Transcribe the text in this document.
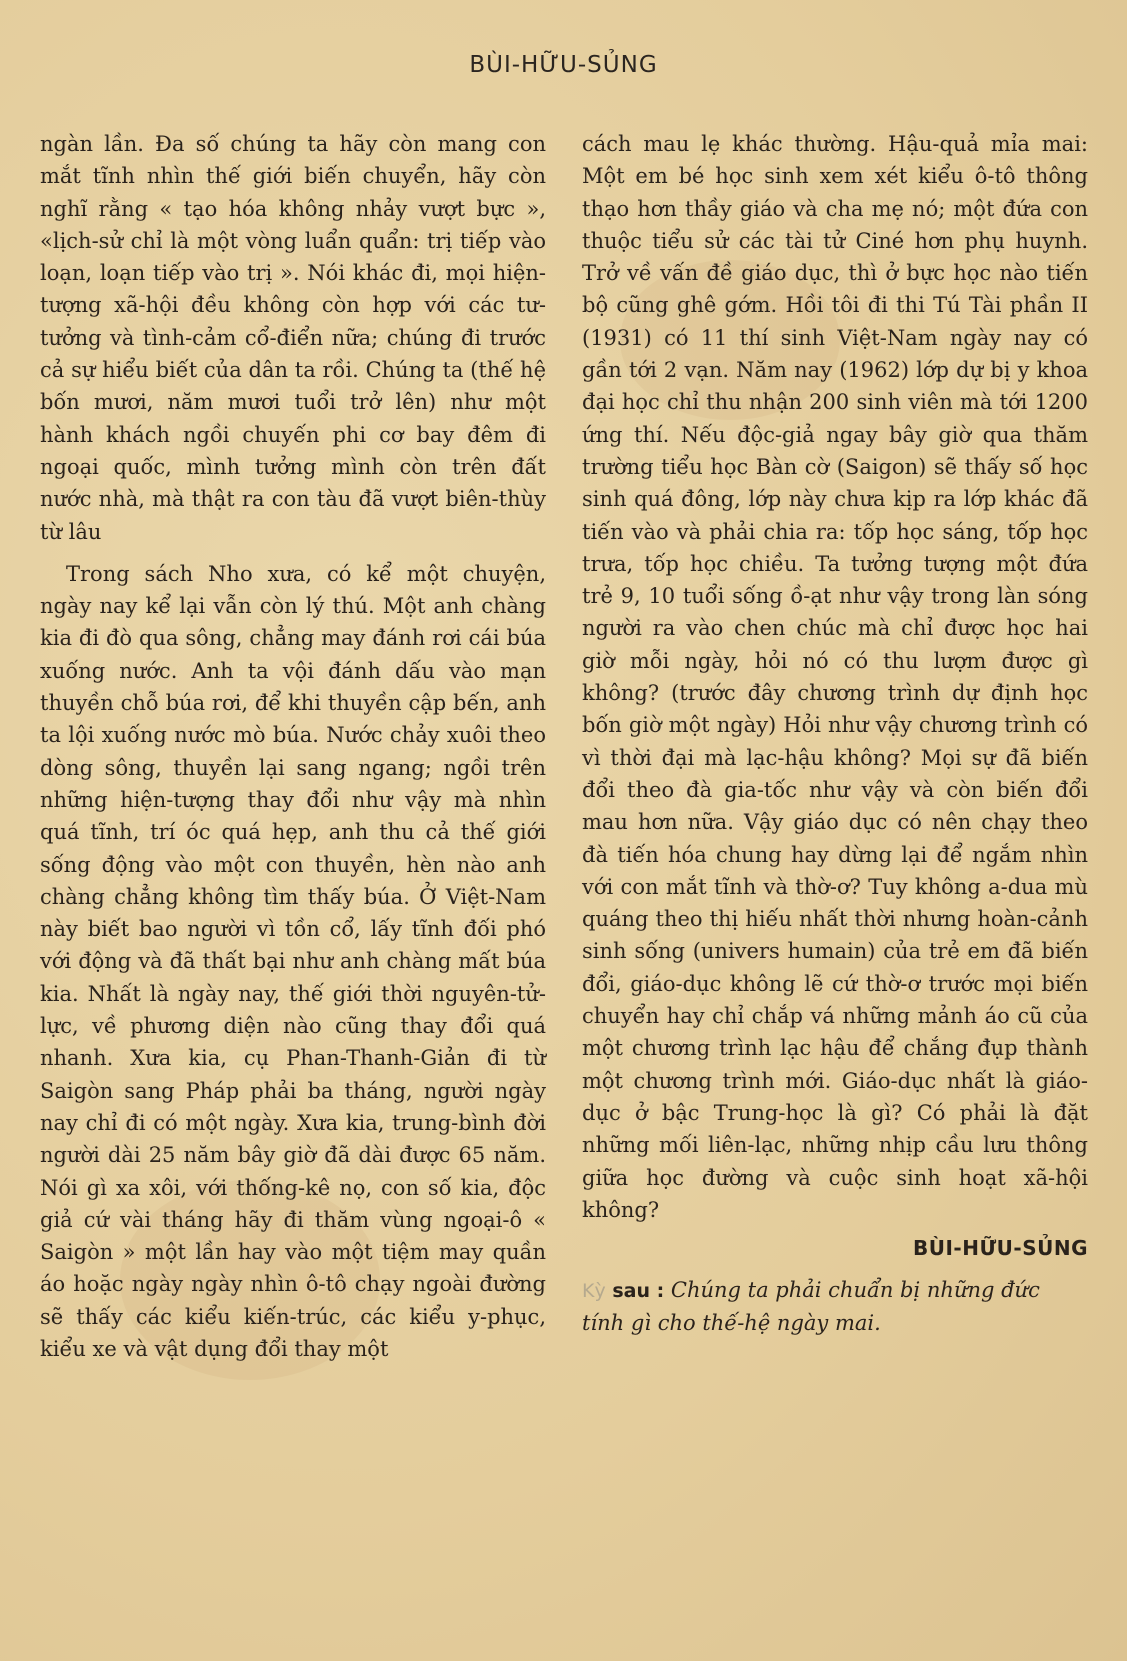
BÙI-HỮU-SỦNG

ngàn lần. Đa số chúng ta hãy còn mang con mắt tĩnh nhìn thế giới biến chuyển, hãy còn nghĩ rằng « tạo hóa không nhảy vượt bực », «lịch-sử chỉ là một vòng luẩn quẩn: trị tiếp vào loạn, loạn tiếp vào trị ». Nói khác đi, mọi hiện-tượng xã-hội đều không còn hợp với các tư-tưởng và tình-cảm cổ-điển nữa; chúng đi trước cả sự hiểu biết của dân ta rồi. Chúng ta (thế hệ bốn mươi, năm mươi tuổi trở lên) như một hành khách ngồi chuyến phi cơ bay đêm đi ngoại quốc, mình tưởng mình còn trên đất nước nhà, mà thật ra con tàu đã vượt biên-thùy từ lâu

Trong sách Nho xưa, có kể một chuyện, ngày nay kể lại vẫn còn lý thú. Một anh chàng kia đi đò qua sông, chẳng may đánh rơi cái búa xuống nước. Anh ta vội đánh dấu vào mạn thuyền chỗ búa rơi, để khi thuyền cập bến, anh ta lội xuống nước mò búa. Nước chảy xuôi theo dòng sông, thuyền lại sang ngang; ngồi trên những hiện-tượng thay đổi như vậy mà nhìn quá tĩnh, trí óc quá hẹp, anh thu cả thế giới sống động vào một con thuyền, hèn nào anh chàng chẳng không tìm thấy búa. Ở Việt-Nam này biết bao người vì tồn cổ, lấy tĩnh đối phó với động và đã thất bại như anh chàng mất búa kia. Nhất là ngày nay, thế giới thời nguyên-tử-lực, về phương diện nào cũng thay đổi quá nhanh. Xưa kia, cụ Phan-Thanh-Giản đi từ Saigòn sang Pháp phải ba tháng, người ngày nay chỉ đi có một ngày. Xưa kia, trung-bình đời người dài 25 năm bây giờ đã dài được 65 năm. Nói gì xa xôi, với thống-kê nọ, con số kia, độc giả cứ vài tháng hãy đi thăm vùng ngoại-ô « Saigòn » một lần hay vào một tiệm may quần áo hoặc ngày ngày nhìn ô-tô chạy ngoài đường sẽ thấy các kiểu kiến-trúc, các kiểu y-phục, kiểu xe và vật dụng đổi thay một

cách mau lẹ khác thường. Hậu-quả mỉa mai: Một em bé học sinh xem xét kiểu ô-tô thông thạo hơn thầy giáo và cha mẹ nó; một đứa con thuộc tiểu sử các tài tử Ciné hơn phụ huynh. Trở về vấn đề giáo dục, thì ở bực học nào tiến bộ cũng ghê gớm. Hồi tôi đi thi Tú Tài phần II (1931) có 11 thí sinh Việt-Nam ngày nay có gần tới 2 vạn. Năm nay (1962) lớp dự bị y khoa đại học chỉ thu nhận 200 sinh viên mà tới 1200 ứng thí. Nếu độc-giả ngay bây giờ qua thăm trường tiểu học Bàn cờ (Saigon) sẽ thấy số học sinh quá đông, lớp này chưa kịp ra lớp khác đã tiến vào và phải chia ra: tốp học sáng, tốp học trưa, tốp học chiều. Ta tưởng tượng một đứa trẻ 9, 10 tuổi sống ồ-ạt như vậy trong làn sóng người ra vào chen chúc mà chỉ được học hai giờ mỗi ngày, hỏi nó có thu lượm được gì không? (trước đây chương trình dự định học bốn giờ một ngày) Hỏi như vậy chương trình có vì thời đại mà lạc-hậu không? Mọi sự đã biến đổi theo đà gia-tốc như vậy và còn biến đổi mau hơn nữa. Vậy giáo dục có nên chạy theo đà tiến hóa chung hay dừng lại để ngắm nhìn với con mắt tĩnh và thờ-ơ? Tuy không a-dua mù quáng theo thị hiếu nhất thời nhưng hoàn-cảnh sinh sống (univers humain) của trẻ em đã biến đổi, giáo-dục không lẽ cứ thờ-ơ trước mọi biến chuyển hay chỉ chắp vá những mảnh áo cũ của một chương trình lạc hậu để chắng đụp thành một chương trình mới. Giáo-dục nhất là giáo-dục ở bậc Trung-học là gì? Có phải là đặt những mối liên-lạc, những nhịp cầu lưu thông giữa học đường và cuộc sinh hoạt xã-hội không?

BÙI-HỮU-SỦNG
Kỳ sau : Chúng ta phải chuẩn bị những đức tính gì cho thế-hệ ngày mai.
